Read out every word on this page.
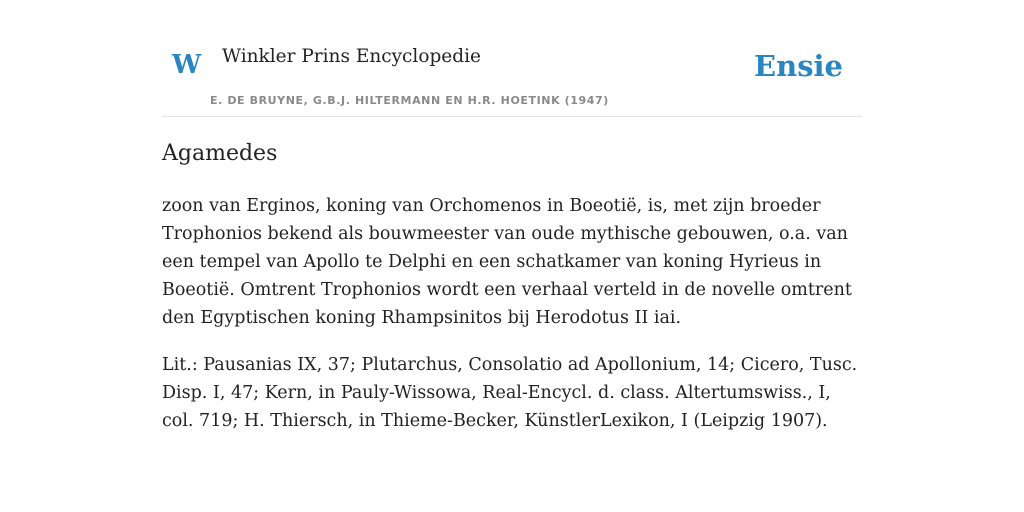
W Winkler Prins Encyclopedie
E. DE BRUYNE, G.B.J. HILTERMANN EN H.R. HOETINK (1947)
Ensie
Agamedes

zoon van Erginos, koning van Orchomenos in Boeotië, is, met zijn broeder Trophonios bekend als bouwmeester van oude mythische gebouwen, o.a. van een tempel van Apollo te Delphi en een schatkamer van koning Hyrieus in Boeotië. Omtrent Trophonios wordt een verhaal verteld in de novelle omtrent den Egyptischen koning Rhampsinitos bij Herodotus II iai.

Lit.: Pausanias IX, 37; Plutarchus, Consolatio ad Apollonium, 14; Cicero, Tusc. Disp. I, 47; Kern, in Pauly-Wissowa, Real-Encycl. d. class. Altertumswiss., I, col. 719; H. Thiersch, in Thieme-Becker, KünstlerLexikon, I (Leipzig 1907).
